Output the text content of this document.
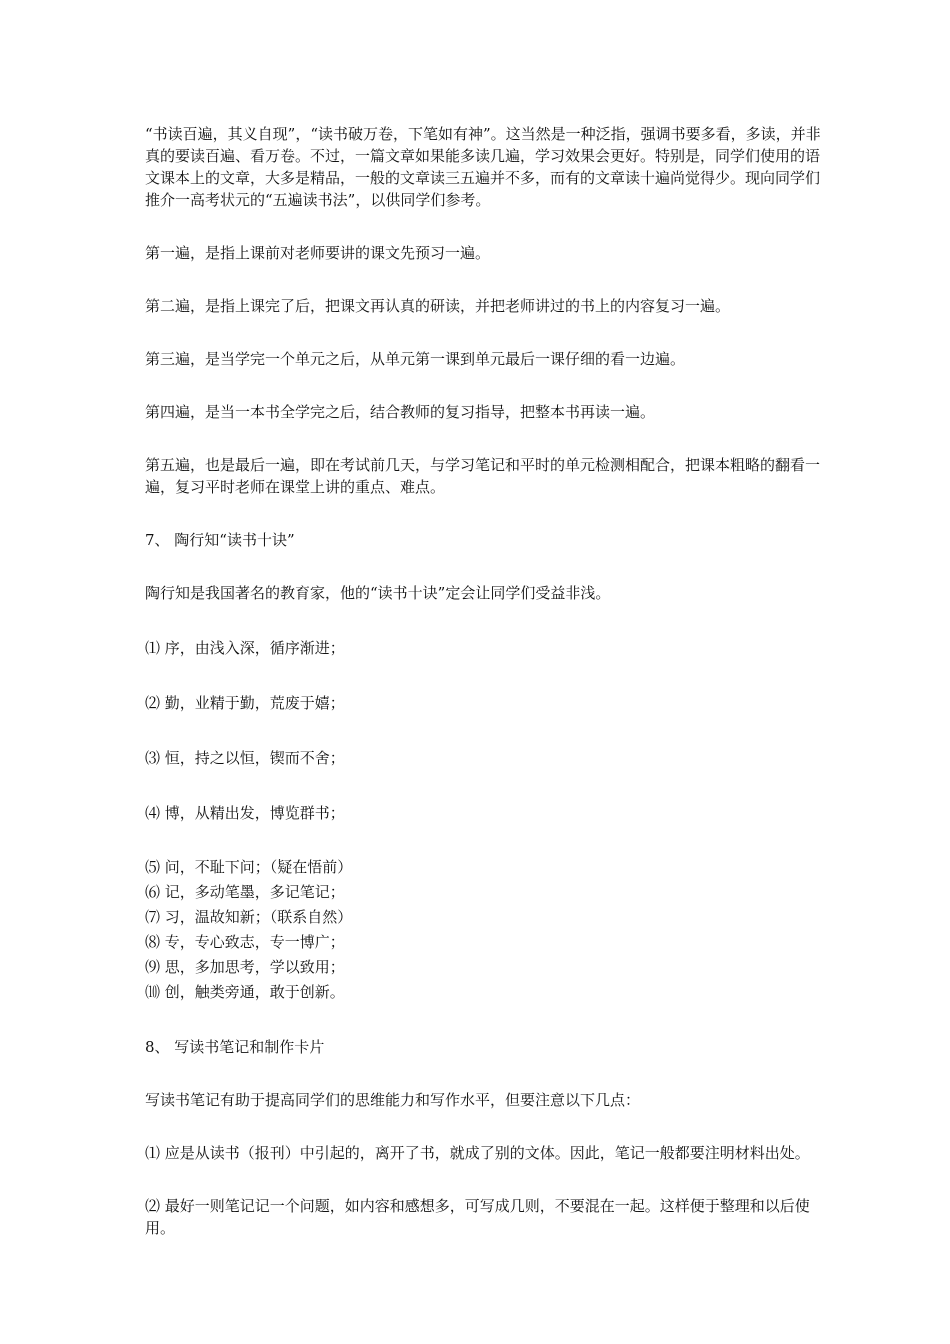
“书读百遍，其义自现”，“读书破万卷，下笔如有神”。这当然是一种泛指，强调书要多看，多读，并非真的要读百遍、看万卷。不过，一篇文章如果能多读几遍，学习效果会更好。特别是，同学们使用的语文课本上的文章，大多是精品，一般的文章读三五遍并不多，而有的文章读十遍尚觉得少。现向同学们推介一高考状元的“五遍读书法”，以供同学们参考。

第一遍，是指上课前对老师要讲的课文先预习一遍。

第二遍，是指上课完了后，把课文再认真的研读，并把老师讲过的书上的内容复习一遍。

第三遍，是当学完一个单元之后，从单元第一课到单元最后一课仔细的看一边遍。

第四遍，是当一本书全学完之后，结合教师的复习指导，把整本书再读一遍。

第五遍，也是最后一遍，即在考试前几天，与学习笔记和平时的单元检测相配合，把课本粗略的翻看一遍，复习平时老师在课堂上讲的重点、难点。

7、 陶行知“读书十诀”

陶行知是我国著名的教育家，他的“读书十诀”定会让同学们受益非浅。

⑴ 序，由浅入深，循序渐进；

⑵ 勤，业精于勤，荒废于嬉；

⑶ 恒，持之以恒，锲而不舍；

⑷ 博，从精出发，博览群书；

⑸ 问，不耻下问；（疑在悟前）

⑹ 记，多动笔墨，多记笔记；

⑺ 习，温故知新；（联系自然）

⑻ 专，专心致志，专一博广；

⑼ 思，多加思考，学以致用；

⑽ 创，触类旁通，敢于创新。

8、 写读书笔记和制作卡片

写读书笔记有助于提高同学们的思维能力和写作水平，但要注意以下几点：

⑴ 应是从读书（报刊）中引起的，离开了书，就成了别的文体。因此，笔记一般都要注明材料出处。

⑵ 最好一则笔记记一个问题，如内容和感想多，可写成几则，不要混在一起。这样便于整理和以后使用。
